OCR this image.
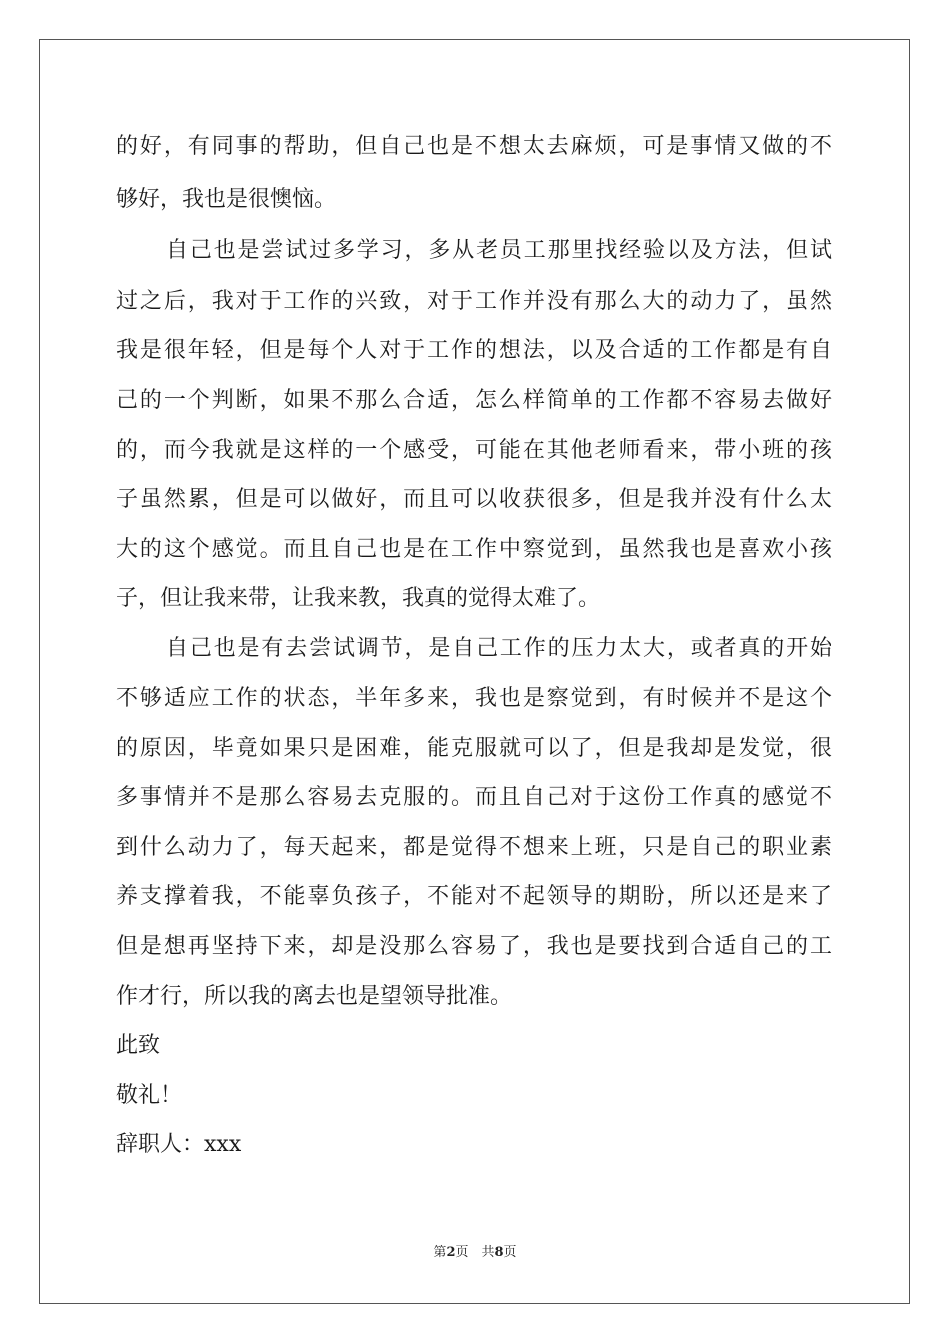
的好，有同事的帮助，但自己也是不想太去麻烦，可是事情又做的不
够好，我也是很懊恼。
自己也是尝试过多学习，多从老员工那里找经验以及方法，但试
过之后，我对于工作的兴致，对于工作并没有那么大的动力了，虽然
我是很年轻，但是每个人对于工作的想法，以及合适的工作都是有自
己的一个判断，如果不那么合适，怎么样简单的工作都不容易去做好
的，而今我就是这样的一个感受，可能在其他老师看来，带小班的孩
子虽然累，但是可以做好，而且可以收获很多，但是我并没有什么太
大的这个感觉。而且自己也是在工作中察觉到，虽然我也是喜欢小孩
子，但让我来带，让我来教，我真的觉得太难了。
自己也是有去尝试调节，是自己工作的压力太大，或者真的开始
不够适应工作的状态，半年多来，我也是察觉到，有时候并不是这个
的原因，毕竟如果只是困难，能克服就可以了，但是我却是发觉，很
多事情并不是那么容易去克服的。而且自己对于这份工作真的感觉不
到什么动力了，每天起来，都是觉得不想来上班，只是自己的职业素
养支撑着我，不能辜负孩子，不能对不起领导的期盼，所以还是来了
但是想再坚持下来，却是没那么容易了，我也是要找到合适自己的工
作才行，所以我的离去也是望领导批准。
此致
敬礼！
辞职人：xxx
第2页　共8页
